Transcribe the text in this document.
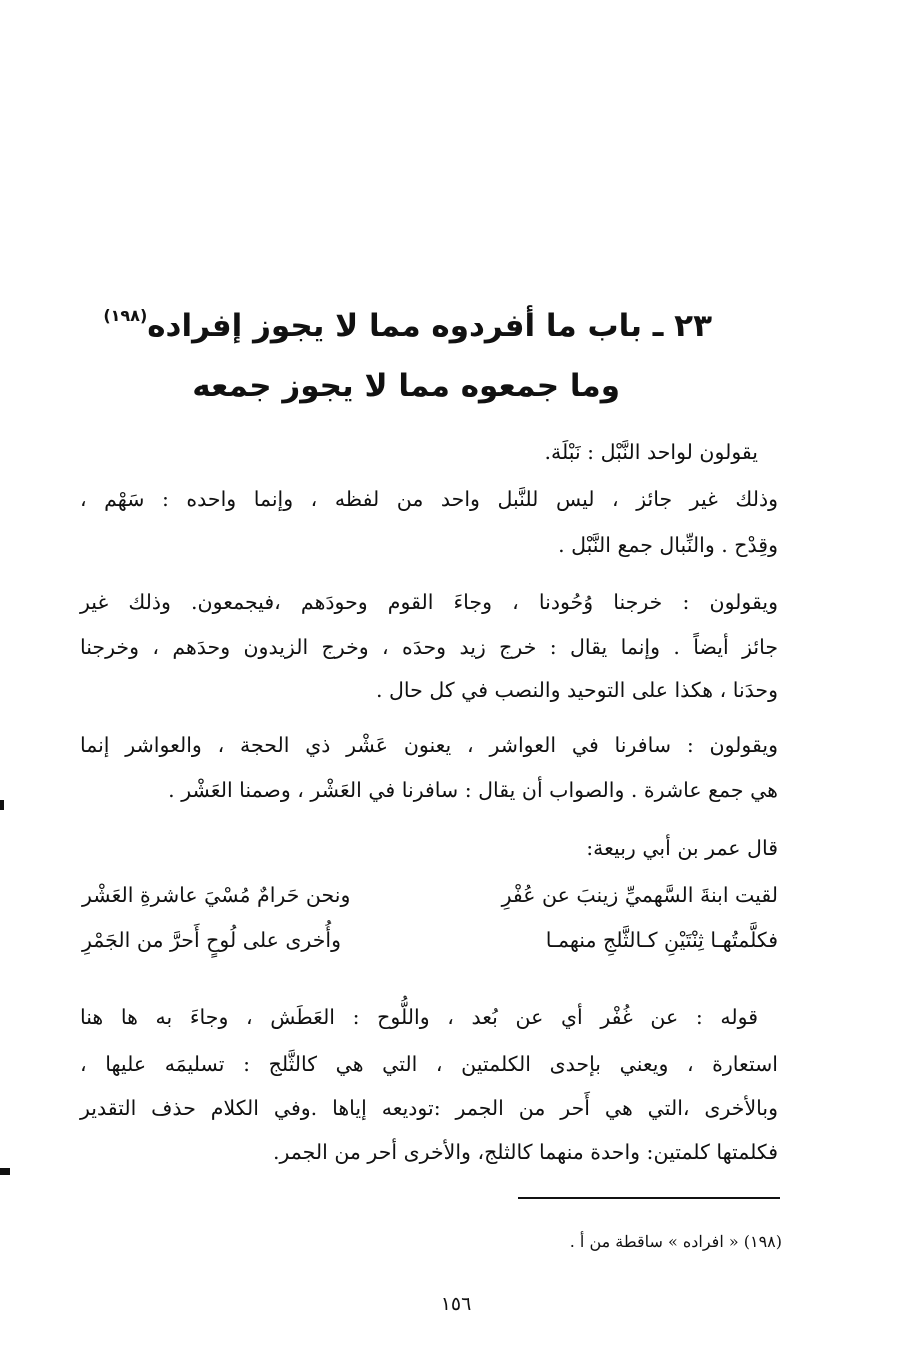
٢٣ ـ باب ما أفردوه مما لا يجوز إفراده$^{(١٩٨)}$
وما جمعوه مما لا يجوز جمعه
يقولون لواحد النَّبْل : نَبْلَة.
وذلك غير جائز ، ليس للنَّبل واحد من لفظه ، وإنما واحده : سَهْم ،
وقِدْح . والنِّبال جمع النَّبْل .
ويقولون : خرجنا وُحُودنا ، وجاءَ القوم وحودَهم ،فيجمعون. وذلك غير
جائز أيضاً . وإنما يقال : خرج زيد وحدَه ، وخرج الزيدون وحدَهم ، وخرجنا
وحدَنا ، هكذا على التوحيد والنصب في كل حال .
ويقولون : سافرنا في العواشر ، يعنون عَشْر ذي الحجة ، والعواشر إنما
هي جمع عاشرة . والصواب أن يقال : سافرنا في العَشْر ، وصمنا العَشْر .
قال عمر بن أبي ربيعة:
لقيت ابنةَ السَّهميِّ زينبَ عن عُفْرِ
ونحن حَرامٌ مُسْيَ عاشرةِ العَشْر
فكلَّمتُهـا ثِنْتَيْنِ كـالثَّلجِ منهمـا
وأُخرى على لُوحٍ أَحرَّ من الجَمْرِ
قوله : عن غُفْر أي عن بُعد ، واللُّوح : العَطَش ، وجاءَ به ها هنا
استعارة ، ويعني بإحدى الكلمتين ، التي هي كالثَّلج : تسليمَه عليها ،
وبالأخرى ،التي هي أَحر من الجمر :توديعه إياها .وفي الكلام حذف التقدير
فكلمتها كلمتين: واحدة منهما كالثلج، والأخرى أحر من الجمر.
(١٩٨) « افراده » ساقطة من أ .
١٥٦
